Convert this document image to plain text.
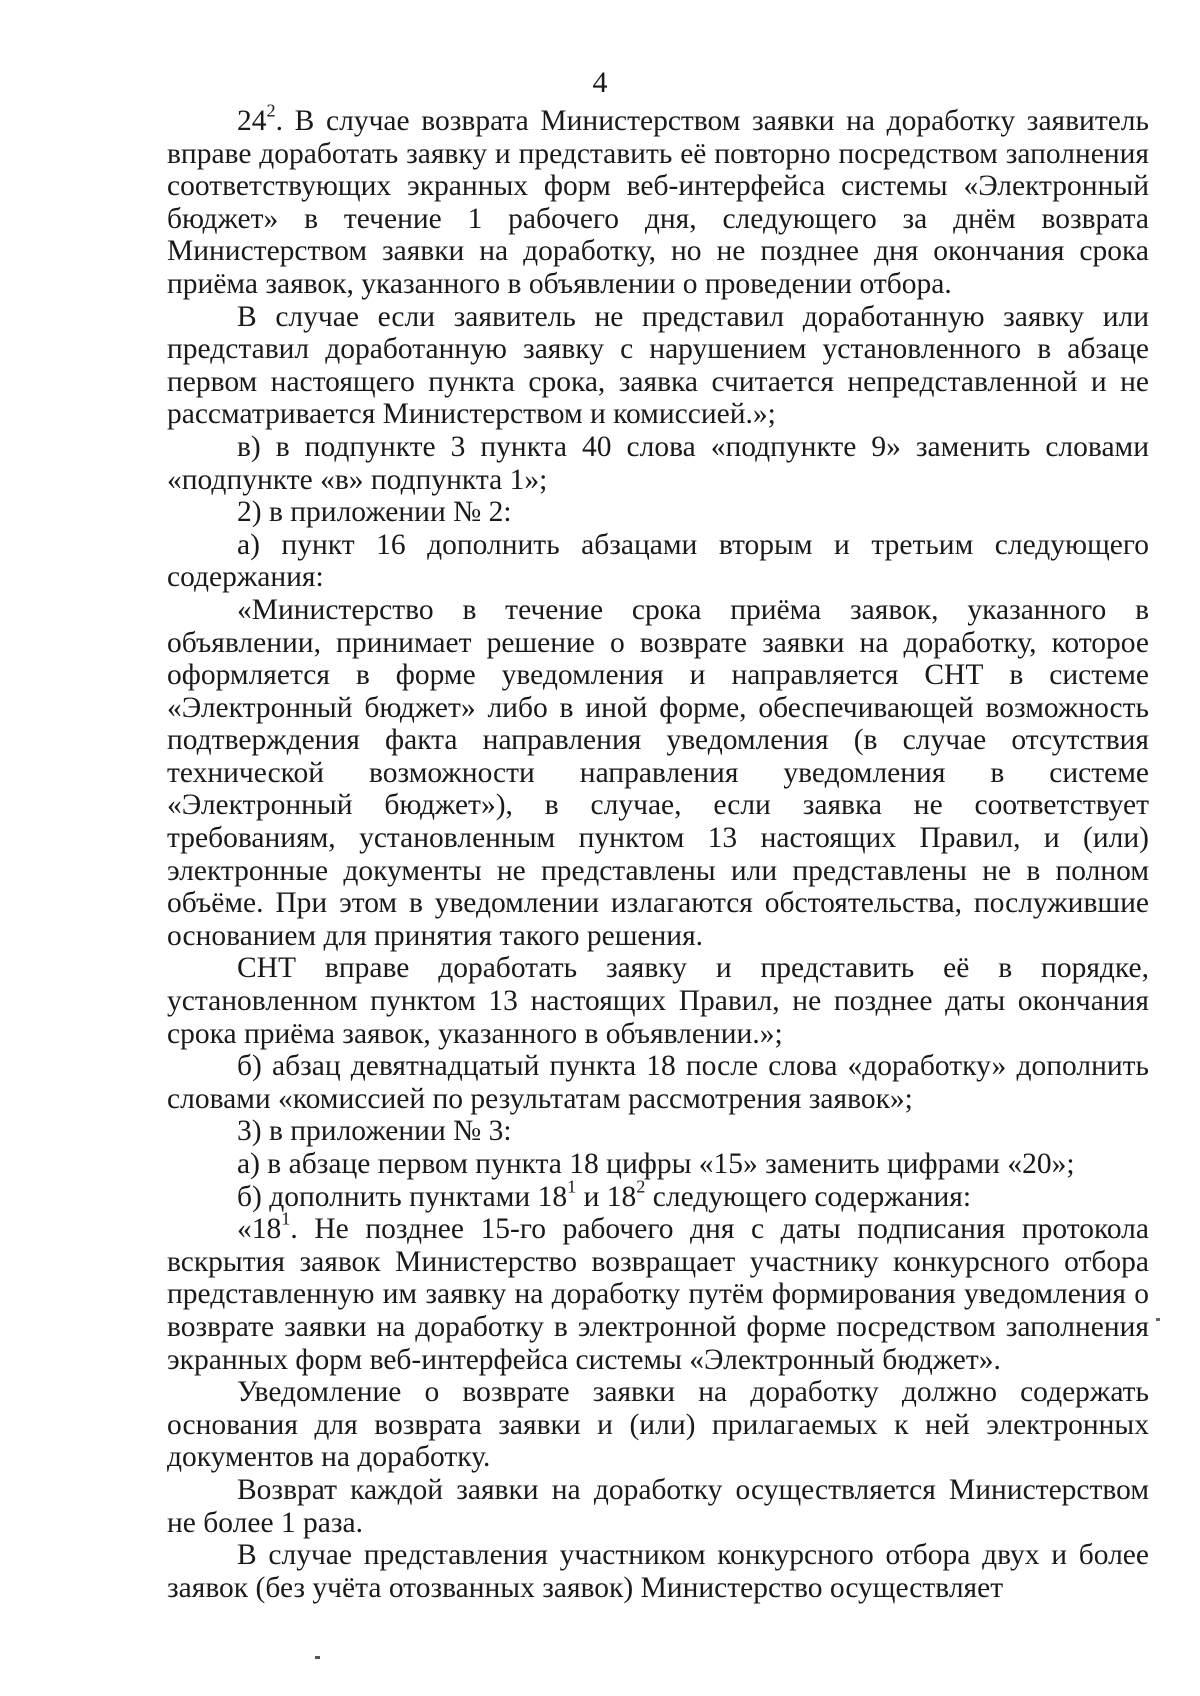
4

$24^2$. В случае возврата Министерством заявки на доработку заявитель вправе доработать заявку и представить её повторно посредством заполнения соответствующих экранных форм веб-интерфейса системы «Электронный бюджет» в течение 1 рабочего дня, следующего за днём возврата Министерством заявки на доработку, но не позднее дня окончания срока приёма заявок, указанного в объявлении о проведении отбора.

В случае если заявитель не представил доработанную заявку или представил доработанную заявку с нарушением установленного в абзаце первом настоящего пункта срока, заявка считается непредставленной и не рассматривается Министерством и комиссией.»;

в) в подпункте 3 пункта 40 слова «подпункте 9» заменить словами «подпункте «в» подпункта 1»;

2) в приложении № 2:

а) пункт 16 дополнить абзацами вторым и третьим следующего содержания:

«Министерство в течение срока приёма заявок, указанного в объявлении, принимает решение о возврате заявки на доработку, которое оформляется в форме уведомления и направляется СНТ в системе «Электронный бюджет» либо в иной форме, обеспечивающей возможность подтверждения факта направления уведомления (в случае отсутствия технической возможности направления уведомления в системе «Электронный бюджет»), в случае, если заявка не соответствует требованиям, установленным пунктом 13 настоящих Правил, и (или) электронные документы не представлены или представлены не в полном объёме. При этом в уведомлении излагаются обстоятельства, послужившие основанием для принятия такого решения.

СНТ вправе доработать заявку и представить её в порядке, установленном пунктом 13 настоящих Правил, не позднее даты окончания срока приёма заявок, указанного в объявлении.»;

б) абзац девятнадцатый пункта 18 после слова «доработку» дополнить словами «комиссией по результатам рассмотрения заявок»;

3) в приложении № 3:

а) в абзаце первом пункта 18 цифры «15» заменить цифрами «20»;

б) дополнить пунктами $18^1$ и $18^2$ следующего содержания:

«$18^1$. Не позднее 15-го рабочего дня с даты подписания протокола вскрытия заявок Министерство возвращает участнику конкурсного отбора представленную им заявку на доработку путём формирования уведомления о возврате заявки на доработку в электронной форме посредством заполнения экранных форм веб-интерфейса системы «Электронный бюджет».

Уведомление о возврате заявки на доработку должно содержать основания для возврата заявки и (или) прилагаемых к ней электронных документов на доработку.

Возврат каждой заявки на доработку осуществляется Министерством не более 1 раза.

В случае представления участником конкурсного отбора двух и более заявок (без учёта отозванных заявок) Министерство осуществляет
